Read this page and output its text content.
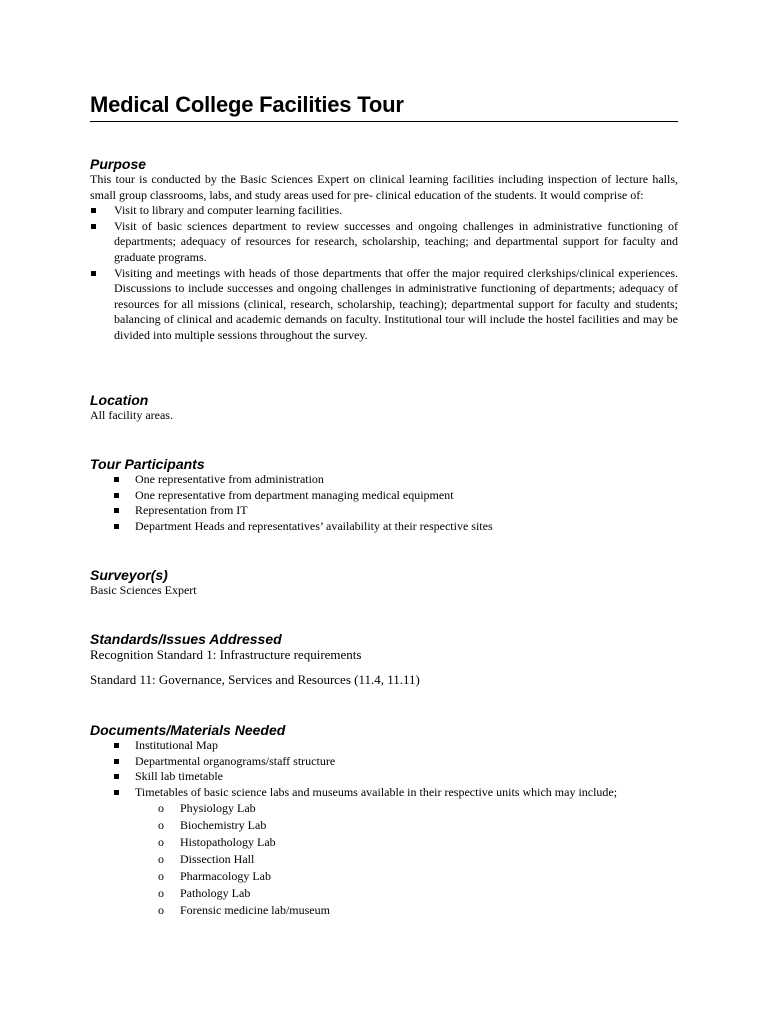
Medical College Facilities Tour
Purpose

This tour is conducted by the Basic Sciences Expert on clinical learning facilities including inspection of lecture halls, small group classrooms, labs, and study areas used for pre- clinical education of the students. It would comprise of:

Visit to library and computer learning facilities.
Visit of basic sciences department to review successes and ongoing challenges in administrative functioning of departments; adequacy of resources for research, scholarship, teaching; and departmental support for faculty and graduate programs.
Visiting and meetings with heads of those departments that offer the major required clerkships/clinical experiences. Discussions to include successes and ongoing challenges in administrative functioning of departments; adequacy of resources for all missions (clinical, research, scholarship, teaching); departmental support for faculty and students; balancing of clinical and academic demands on faculty. Institutional tour will include the hostel facilities and may be divided into multiple sessions throughout the survey.
Location

All facility areas.

Tour Participants
One representative from administration
One representative from department managing medical equipment
Representation from IT
Department Heads and representatives’ availability at their respective sites
Surveyor(s)

Basic Sciences Expert

Standards/Issues Addressed

Recognition Standard 1: Infrastructure requirements

Standard 11: Governance, Services and Resources (11.4, 11.11)

Documents/Materials Needed
Institutional Map
Departmental organograms/staff structure
Skill lab timetable
Timetables of basic science labs and museums available in their respective units which may include;
o Physiology Lab
o Biochemistry Lab
o Histopathology Lab
o Dissection Hall
o Pharmacology Lab
o Pathology Lab
o Forensic medicine lab/museum
